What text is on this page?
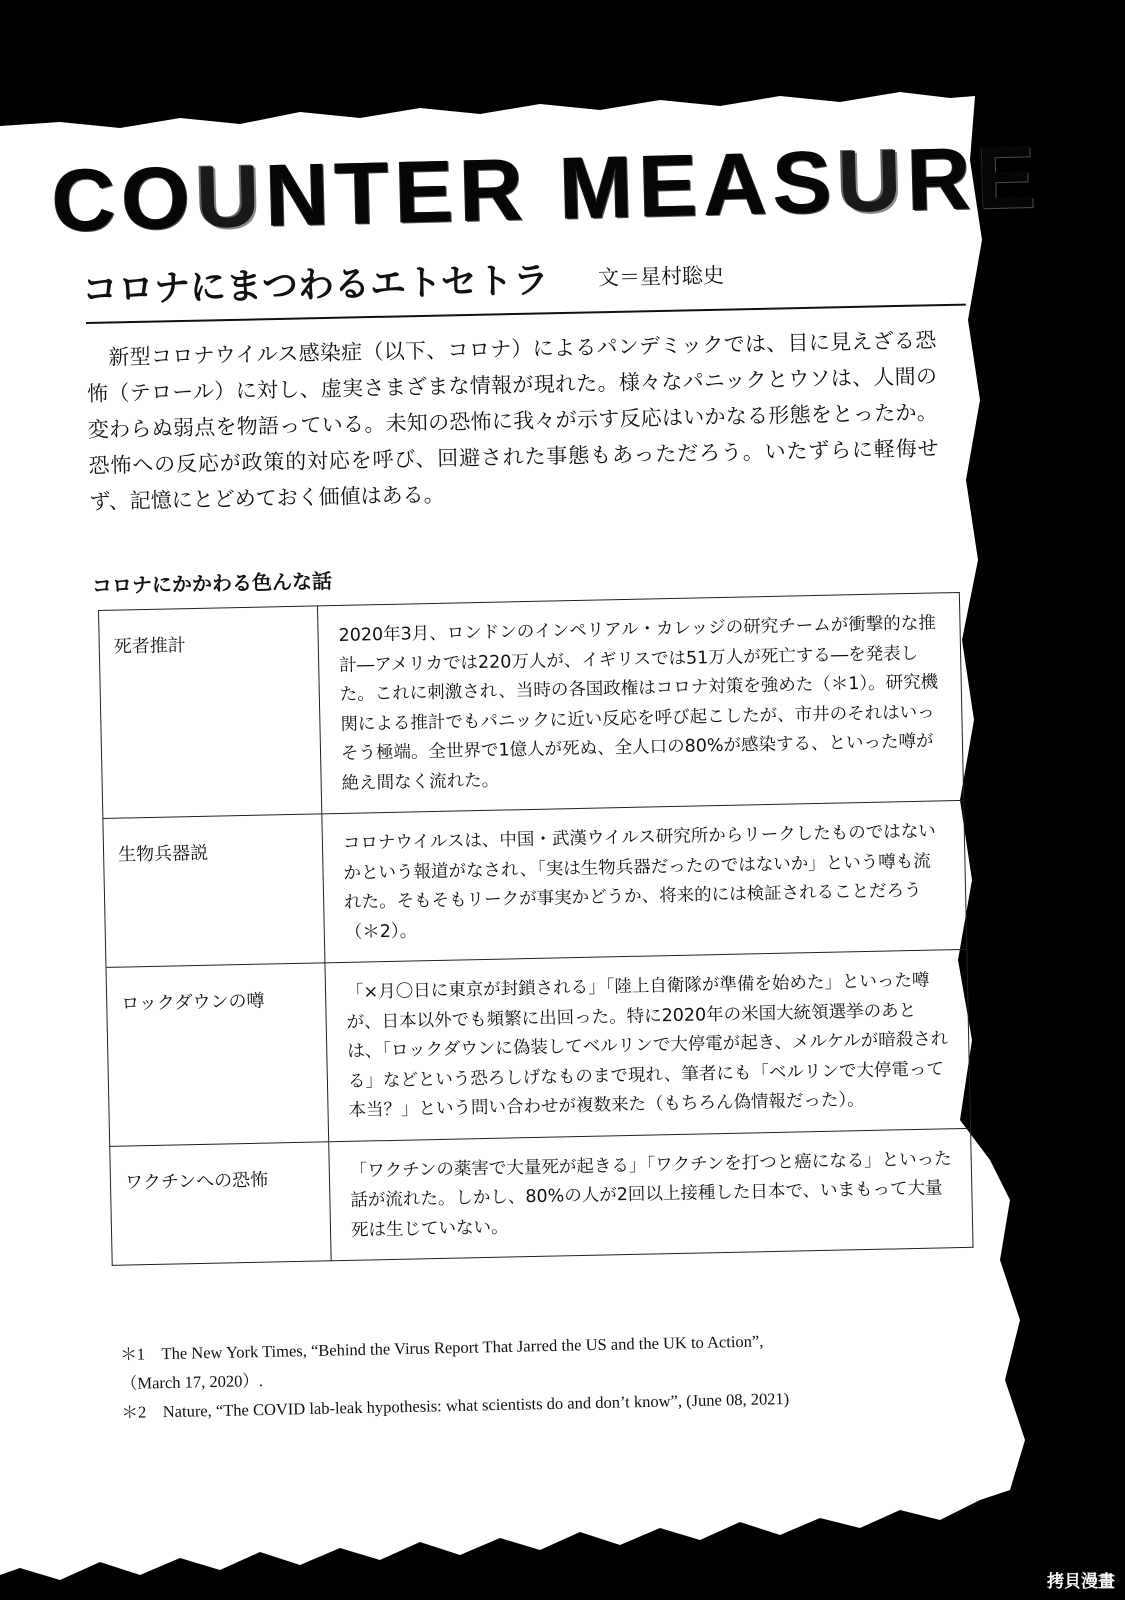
COUNTER MEASURE
コロナにまつわるエトセトラ	文＝星村聡史
新型コロナウイルス感染症（以下、コロナ）によるパンデミックでは、目に見えざる恐怖（テロール）に対し、虚実さまざまな情報が現れた。様々なパニックとウソは、人間の変わらぬ弱点を物語っている。未知の恐怖に我々が示す反応はいかなる形態をとったか。恐怖への反応が政策的対応を呼び、回避された事態もあっただろう。いたずらに軽侮せず、記憶にとどめておく価値はある。
コロナにかかわる色んな話
死者推計	2020年3月、ロンドンのインペリアル・カレッジの研究チームが衝撃的な推計―アメリカでは220万人が、イギリスでは51万人が死亡する―を発表した。これに刺激され、当時の各国政権はコロナ対策を強めた（＊1）。研究機関による推計でもパニックに近い反応を呼び起こしたが、市井のそれはいっそう極端。全世界で1億人が死ぬ、全人口の80%が感染する、といった噂が絶え間なく流れた。
生物兵器説	コロナウイルスは、中国・武漢ウイルス研究所からリークしたものではないかという報道がなされ、「実は生物兵器だったのではないか」という噂も流れた。そもそもリークが事実かどうか、将来的には検証されることだろう（＊2）。
ロックダウンの噂	「×月〇日に東京が封鎖される」「陸上自衛隊が準備を始めた」といった噂が、日本以外でも頻繁に出回った。特に2020年の米国大統領選挙のあとは、「ロックダウンに偽装してベルリンで大停電が起き、メルケルが暗殺される」などという恐ろしげなものまで現れ、筆者にも「ベルリンで大停電って本当？」という問い合わせが複数来た（もちろん偽情報だった）。
ワクチンへの恐怖	「ワクチンの薬害で大量死が起きる」「ワクチンを打つと癌になる」といった話が流れた。しかし、80%の人が2回以上接種した日本で、いまもって大量死は生じていない。
＊1　The New York Times, “Behind the Virus Report That Jarred the US and the UK to Action”,
（March 17, 2020）.
＊2　Nature, “The COVID lab-leak hypothesis: what scientists do and don’t know”, (June 08, 2021)
拷貝漫畫
